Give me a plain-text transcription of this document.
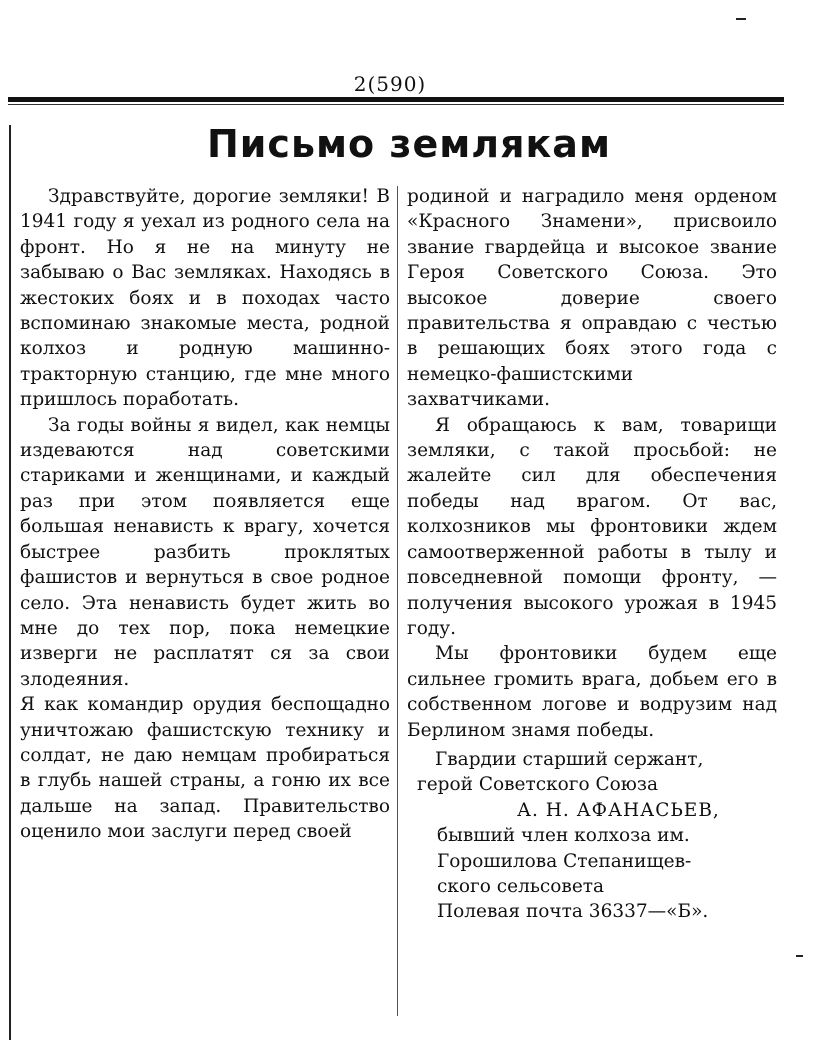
2(590)
Письмо землякам

Здравствуйте, дорогие земляки! В 1941 году я уехал из родного села на фронт. Но я не на минуту не забываю о Вас земляках. Находясь в жестоких боях и в походах часто вспоминаю знакомые места, родной колхоз и родную машинно-тракторную станцию, где мне много пришлось поработать.

За годы войны я видел, как немцы издеваются над советскими стариками и женщинами, и каждый раз при этом появляется еще большая ненависть к врагу, хочется быстрее разбить проклятых фашистов и вернуться в свое родное село. Эта ненависть будет жить во мне до тех пор, пока немецкие изверги не расплатят ся за свои злодеяния.

Я как командир орудия беспощадно уничтожаю фашистскую технику и солдат, не даю немцам пробираться в глубь нашей страны, а гоню их все дальше на запад. Правительство оценило мои заслуги перед своей

родиной и наградило меня орденом «Красного Знамени», присвоило звание гвардейца и высокое звание Героя Советского Союза. Это высокое доверие своего правительства я оправдаю с честью в решающих боях этого года с немецко-фашистскими захватчиками.

Я обращаюсь к вам, товарищи земляки, с такой просьбой: не жалейте сил для обеспечения победы над врагом. От вас, колхозников мы фронтовики ждем самоотверженной работы в тылу и повседневной помощи фронту, — получения высокого урожая в 1945 году.

Мы фронтовики будем еще сильнее громить врага, добьем его в собственном логове и водрузим над Берлином знамя победы.

Гвардии старший сержант,
герой Советского Союза
А. Н. АФАНАСЬЕВ,
бывший член колхоза им.
Горошилова Степанищев-
ского сельсовета
Полевая почта 36337—«Б».
